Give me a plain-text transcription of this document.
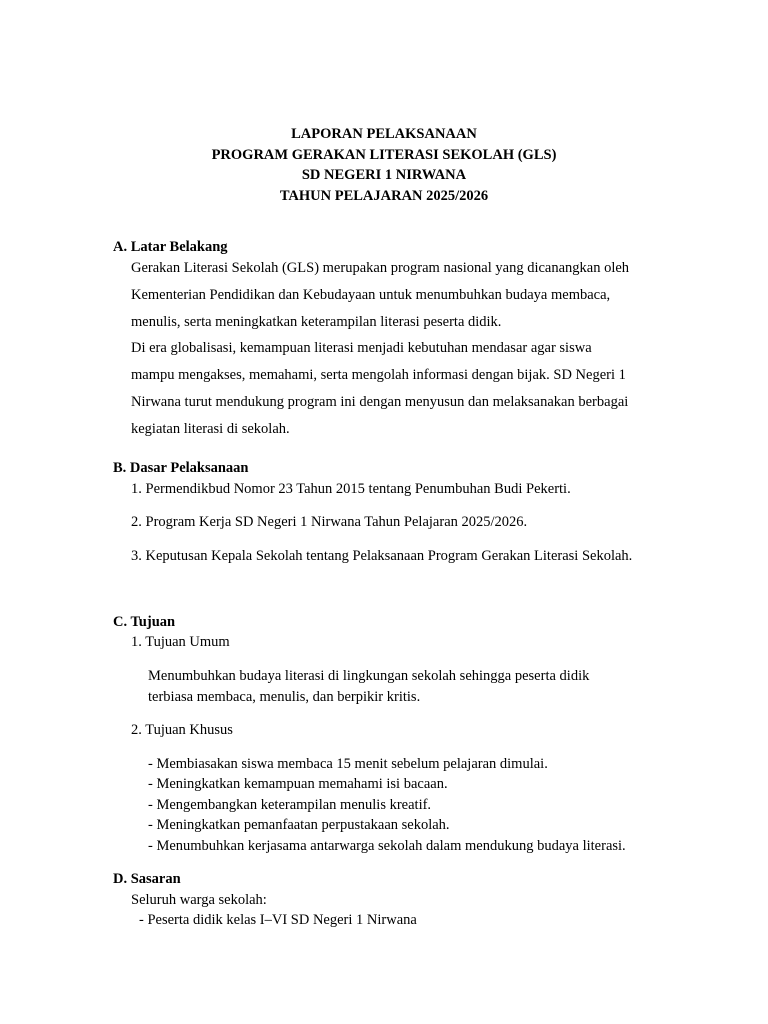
LAPORAN PELAKSANAAN
PROGRAM GERAKAN LITERASI SEKOLAH (GLS)
SD NEGERI 1 NIRWANA
TAHUN PELAJARAN 2025/2026
A. Latar Belakang
Gerakan Literasi Sekolah (GLS) merupakan program nasional yang dicanangkan oleh
Kementerian Pendidikan dan Kebudayaan untuk menumbuhkan budaya membaca,
menulis, serta meningkatkan keterampilan literasi peserta didik.
Di era globalisasi, kemampuan literasi menjadi kebutuhan mendasar agar siswa
mampu mengakses, memahami, serta mengolah informasi dengan bijak. SD Negeri 1
Nirwana turut mendukung program ini dengan menyusun dan melaksanakan berbagai
kegiatan literasi di sekolah.
B. Dasar Pelaksanaan
1. Permendikbud Nomor 23 Tahun 2015 tentang Penumbuhan Budi Pekerti.
2. Program Kerja SD Negeri 1 Nirwana Tahun Pelajaran 2025/2026.
3. Keputusan Kepala Sekolah tentang Pelaksanaan Program Gerakan Literasi Sekolah.
C. Tujuan
1. Tujuan Umum
Menumbuhkan budaya literasi di lingkungan sekolah sehingga peserta didik
terbiasa membaca, menulis, dan berpikir kritis.
2. Tujuan Khusus
- Membiasakan siswa membaca 15 menit sebelum pelajaran dimulai.
- Meningkatkan kemampuan memahami isi bacaan.
- Mengembangkan keterampilan menulis kreatif.
- Meningkatkan pemanfaatan perpustakaan sekolah.
- Menumbuhkan kerjasama antarwarga sekolah dalam mendukung budaya literasi.
D. Sasaran
Seluruh warga sekolah:
- Peserta didik kelas I–VI SD Negeri 1 Nirwana
